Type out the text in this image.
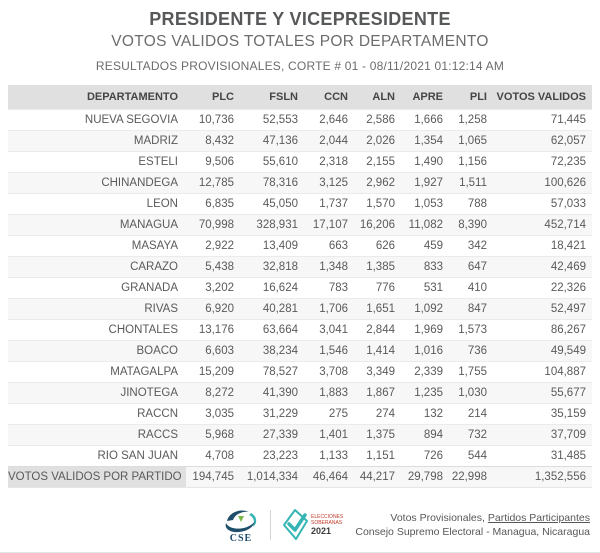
PRESIDENTE Y VICEPRESIDENTE
VOTOS VALIDOS TOTALES POR DEPARTAMENTO
RESULTADOS PROVISIONALES, CORTE # 01 - 08/11/2021 01:12:14 AM
DEPARTAMENTO	PLC	FSLN	CCN	ALN	APRE	PLI	VOTOS VALIDOS
NUEVA SEGOVIA	10,736	52,553	2,646	2,586	1,666	1,258	71,445
MADRIZ	8,432	47,136	2,044	2,026	1,354	1,065	62,057
ESTELI	9,506	55,610	2,318	2,155	1,490	1,156	72,235
CHINANDEGA	12,785	78,316	3,125	2,962	1,927	1,511	100,626
LEON	6,835	45,050	1,737	1,570	1,053	788	57,033
MANAGUA	70,998	328,931	17,107	16,206	11,082	8,390	452,714
MASAYA	2,922	13,409	663	626	459	342	18,421
CARAZO	5,438	32,818	1,348	1,385	833	647	42,469
GRANADA	3,202	16,624	783	776	531	410	22,326
RIVAS	6,920	40,281	1,706	1,651	1,092	847	52,497
CHONTALES	13,176	63,664	3,041	2,844	1,969	1,573	86,267
BOACO	6,603	38,234	1,546	1,414	1,016	736	49,549
MATAGALPA	15,209	78,527	3,708	3,349	2,339	1,755	104,887
JINOTEGA	8,272	41,390	1,883	1,867	1,235	1,030	55,677
RACCN	3,035	31,229	275	274	132	214	35,159
RACCS	5,968	27,339	1,401	1,375	894	732	37,709
RIO SAN JUAN	4,708	23,223	1,133	1,151	726	544	31,485
VOTOS VALIDOS POR PARTIDO	194,745	1,014,334	46,464	44,217	29,798	22,998	1,352,556
CSE
ELECCIONES
SOBERANAS
2021
Votos Provisionales, Partidos Participantes
Consejo Supremo Electoral - Managua, Nicaragua
